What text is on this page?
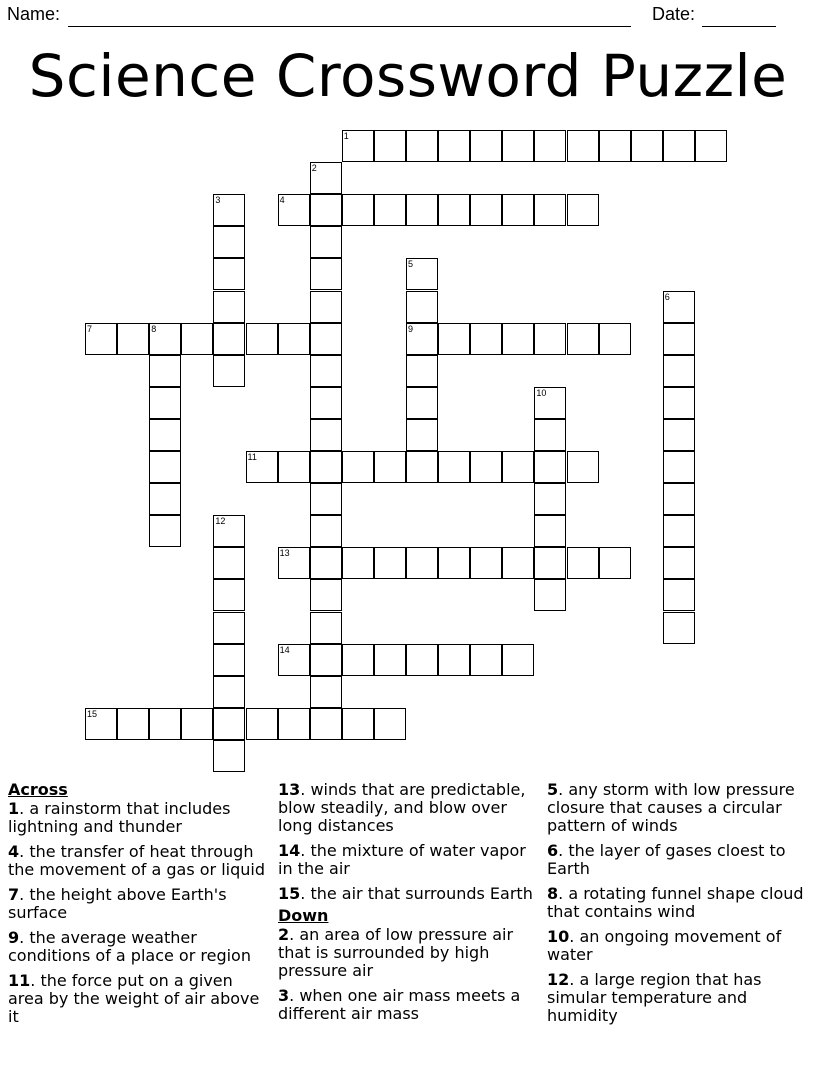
Name:	Date:
Science Crossword Puzzle
1
2
3	4
5
9
6
7	8
10
11
12
13
14
15
Across
1. a rainstorm that includes lightning and thunder
4. the transfer of heat through the movement of a gas or liquid
7. the height above Earth's surface
9. the average weather conditions of a place or region
11. the force put on a given area by the weight of air above it
13. winds that are predictable, blow steadily, and blow over long distances
14. the mixture of water vapor in the air
15. the air that surrounds Earth
Down
2. an area of low pressure air that is surrounded by high pressure air
3. when one air mass meets a different air mass
5. any storm with low pressure closure that causes a circular pattern of winds
6. the layer of gases cloest to Earth
8. a rotating funnel shape cloud that contains wind
10. an ongoing movement of water
12. a large region that has simular temperature and humidity
